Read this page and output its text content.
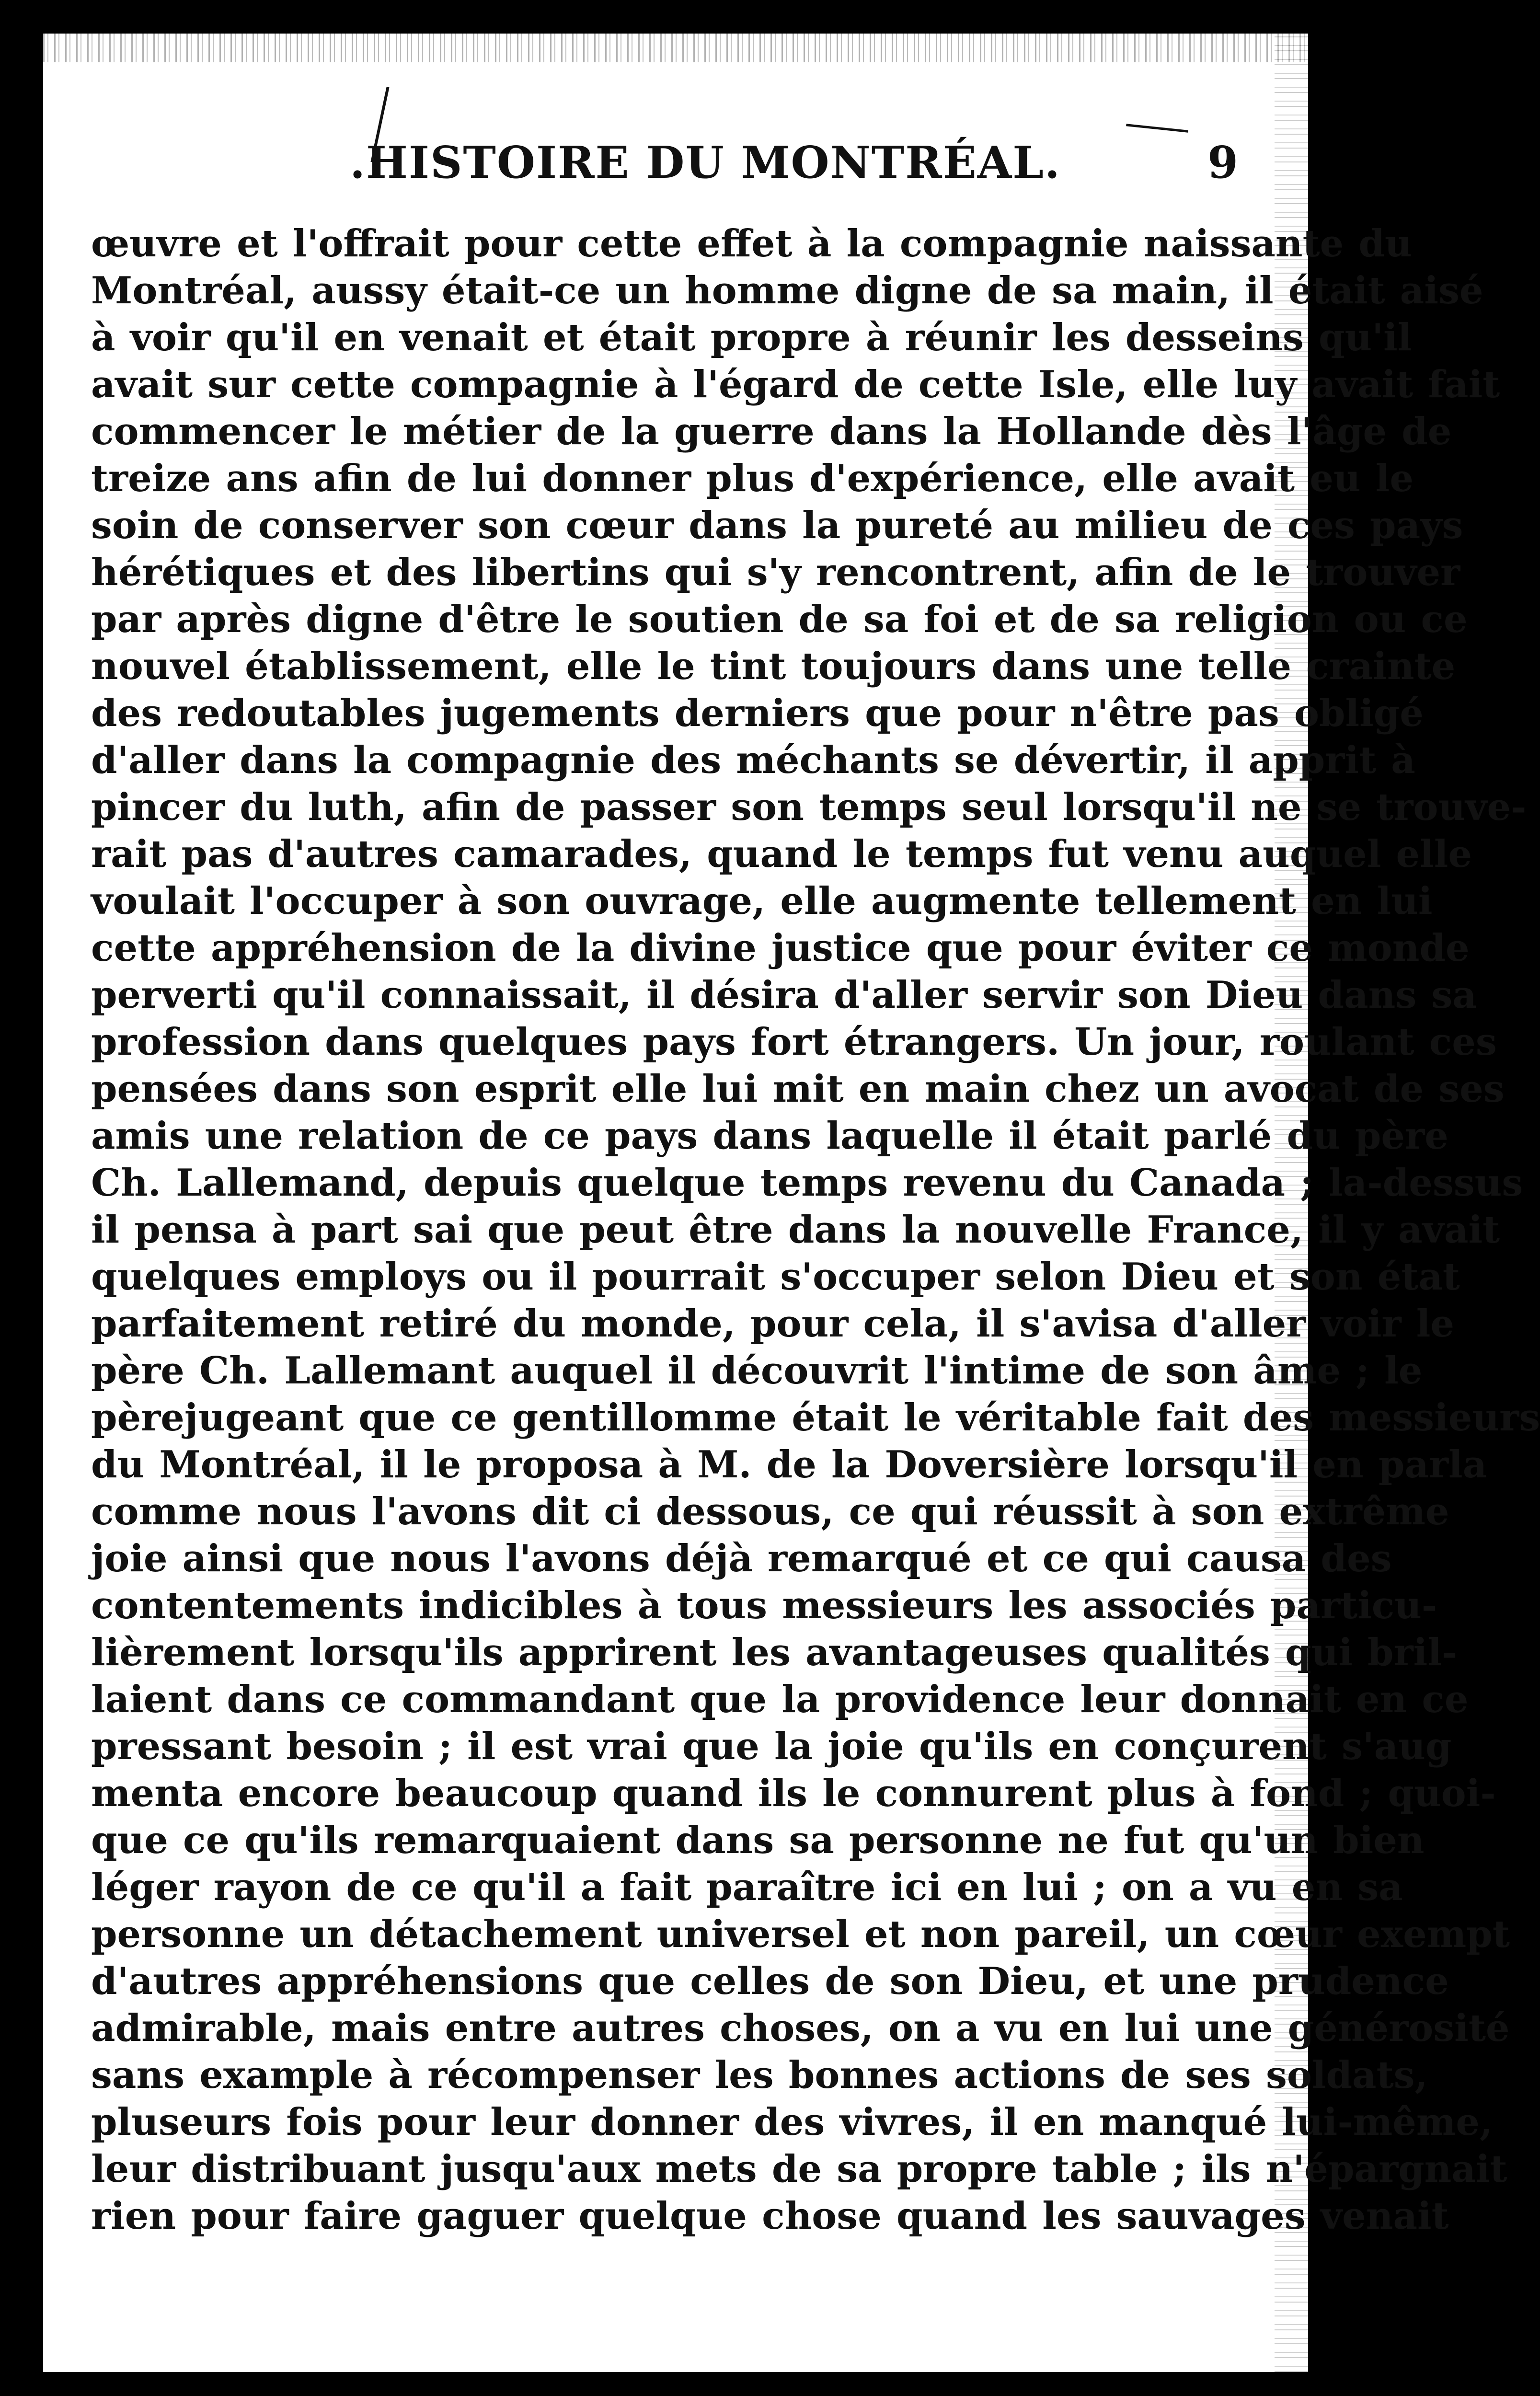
.HISTOIRE DU MONTRÉAL.	9
œuvre et l'offrait pour cette effet à la compagnie naissante du
Montréal, aussy était-ce un homme digne de sa main, il était aisé
à voir qu'il en venait et était propre à réunir les desseins qu'il
avait sur cette compagnie à l'égard de cette Isle, elle luy avait fait
commencer le métier de la guerre dans la Hollande dès l'âge de
treize ans afin de lui donner plus d'expérience, elle avait eu le
soin de conserver son cœur dans la pureté au milieu de ces pays
hérétiques et des libertins qui s'y rencontrent, afin de le trouver
par après digne d'être le soutien de sa foi et de sa religion ou ce
nouvel établissement, elle le tint toujours dans une telle crainte
des redoutables jugements derniers que pour n'être pas obligé
d'aller dans la compagnie des méchants se dévertir, il apprit à
pincer du luth, afin de passer son temps seul lorsqu'il ne se trouve-
rait pas d'autres camarades, quand le temps fut venu auquel elle
voulait l'occuper à son ouvrage, elle augmente tellement en lui
cette appréhension de la divine justice que pour éviter ce monde
perverti qu'il connaissait, il désira d'aller servir son Dieu dans sa
profession dans quelques pays fort étrangers. Un jour, roulant ces
pensées dans son esprit elle lui mit en main chez un avocat de ses
amis une relation de ce pays dans laquelle il était parlé du père
Ch. Lallemand, depuis quelque temps revenu du Canada ; la-dessus
il pensa à part sai que peut être dans la nouvelle France, il y avait
quelques employs ou il pourrait s'occuper selon Dieu et son état
parfaitement retiré du monde, pour cela, il s'avisa d'aller voir le
père Ch. Lallemant auquel il découvrit l'intime de son âme ; le
pèrejugeant que ce gentillomme était le véritable fait des messieurs
du Montréal, il le proposa à M. de la Doversière lorsqu'il en parla
comme nous l'avons dit ci dessous, ce qui réussit à son extrême
joie ainsi que nous l'avons déjà remarqué et ce qui causa des
contentements indicibles à tous messieurs les associés particu-
lièrement lorsqu'ils apprirent les avantageuses qualités qui bril-
laient dans ce commandant que la providence leur donnait en ce
pressant besoin ; il est vrai que la joie qu'ils en conçurent s'aug
menta encore beaucoup quand ils le connurent plus à fond ; quoi-
que ce qu'ils remarquaient dans sa personne ne fut qu'un bien
léger rayon de ce qu'il a fait paraître ici en lui ; on a vu en sa
personne un détachement universel et non pareil, un cœur exempt
d'autres appréhensions que celles de son Dieu, et une prudence
admirable, mais entre autres choses, on a vu en lui une générosité
sans example à récompenser les bonnes actions de ses soldats,
pluseurs fois pour leur donner des vivres, il en manqué lui-même,
leur distribuant jusqu'aux mets de sa propre table ; ils n'épargnait
rien pour faire gaguer quelque chose quand les sauvages venait
